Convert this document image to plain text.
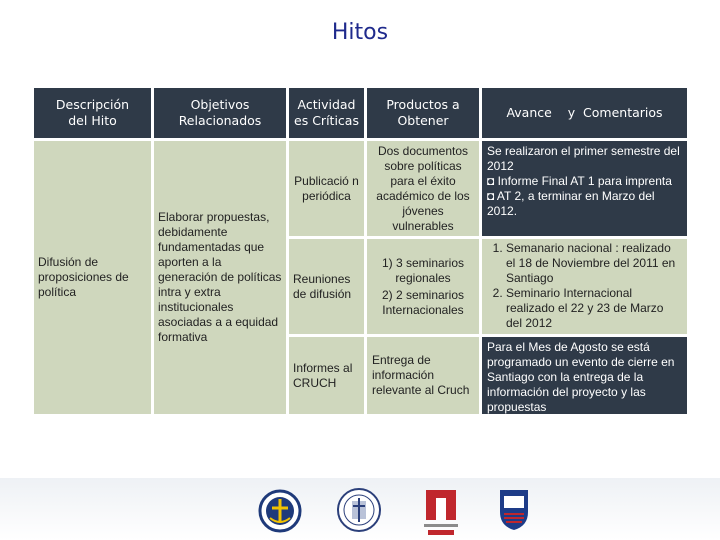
Hitos
Descripción del Hito
Objetivos Relacionados
Actividad es Críticas
Productos a Obtener
Avance    y  Comentarios
Difusión de proposiciones de política
Elaborar propuestas, debidamente fundamentadas que aporten a la generación de políticas intra y extra institucionales asociadas a a equidad formativa
Publicació n periódica
Dos documentos sobre políticas para el éxito académico de los jóvenes vulnerables
Se realizaron el primer semestre del 2012
◘ Informe Final AT 1 para imprenta
◘ AT 2, a terminar en Marzo del 2012.
Reuniones de difusión
1) 3 seminarios regionales
2) 2 seminarios Internacionales
1. Semanario nacional : realizado el 18 de Noviembre del 2011 en Santiago
2. Seminario Internacional realizado el 22 y 23 de Marzo del 2012
Informes al CRUCH
Entrega de información relevante al Cruch
Para el Mes de Agosto se está programado un evento de cierre en Santiago con la entrega de la información del proyecto y las propuestas
